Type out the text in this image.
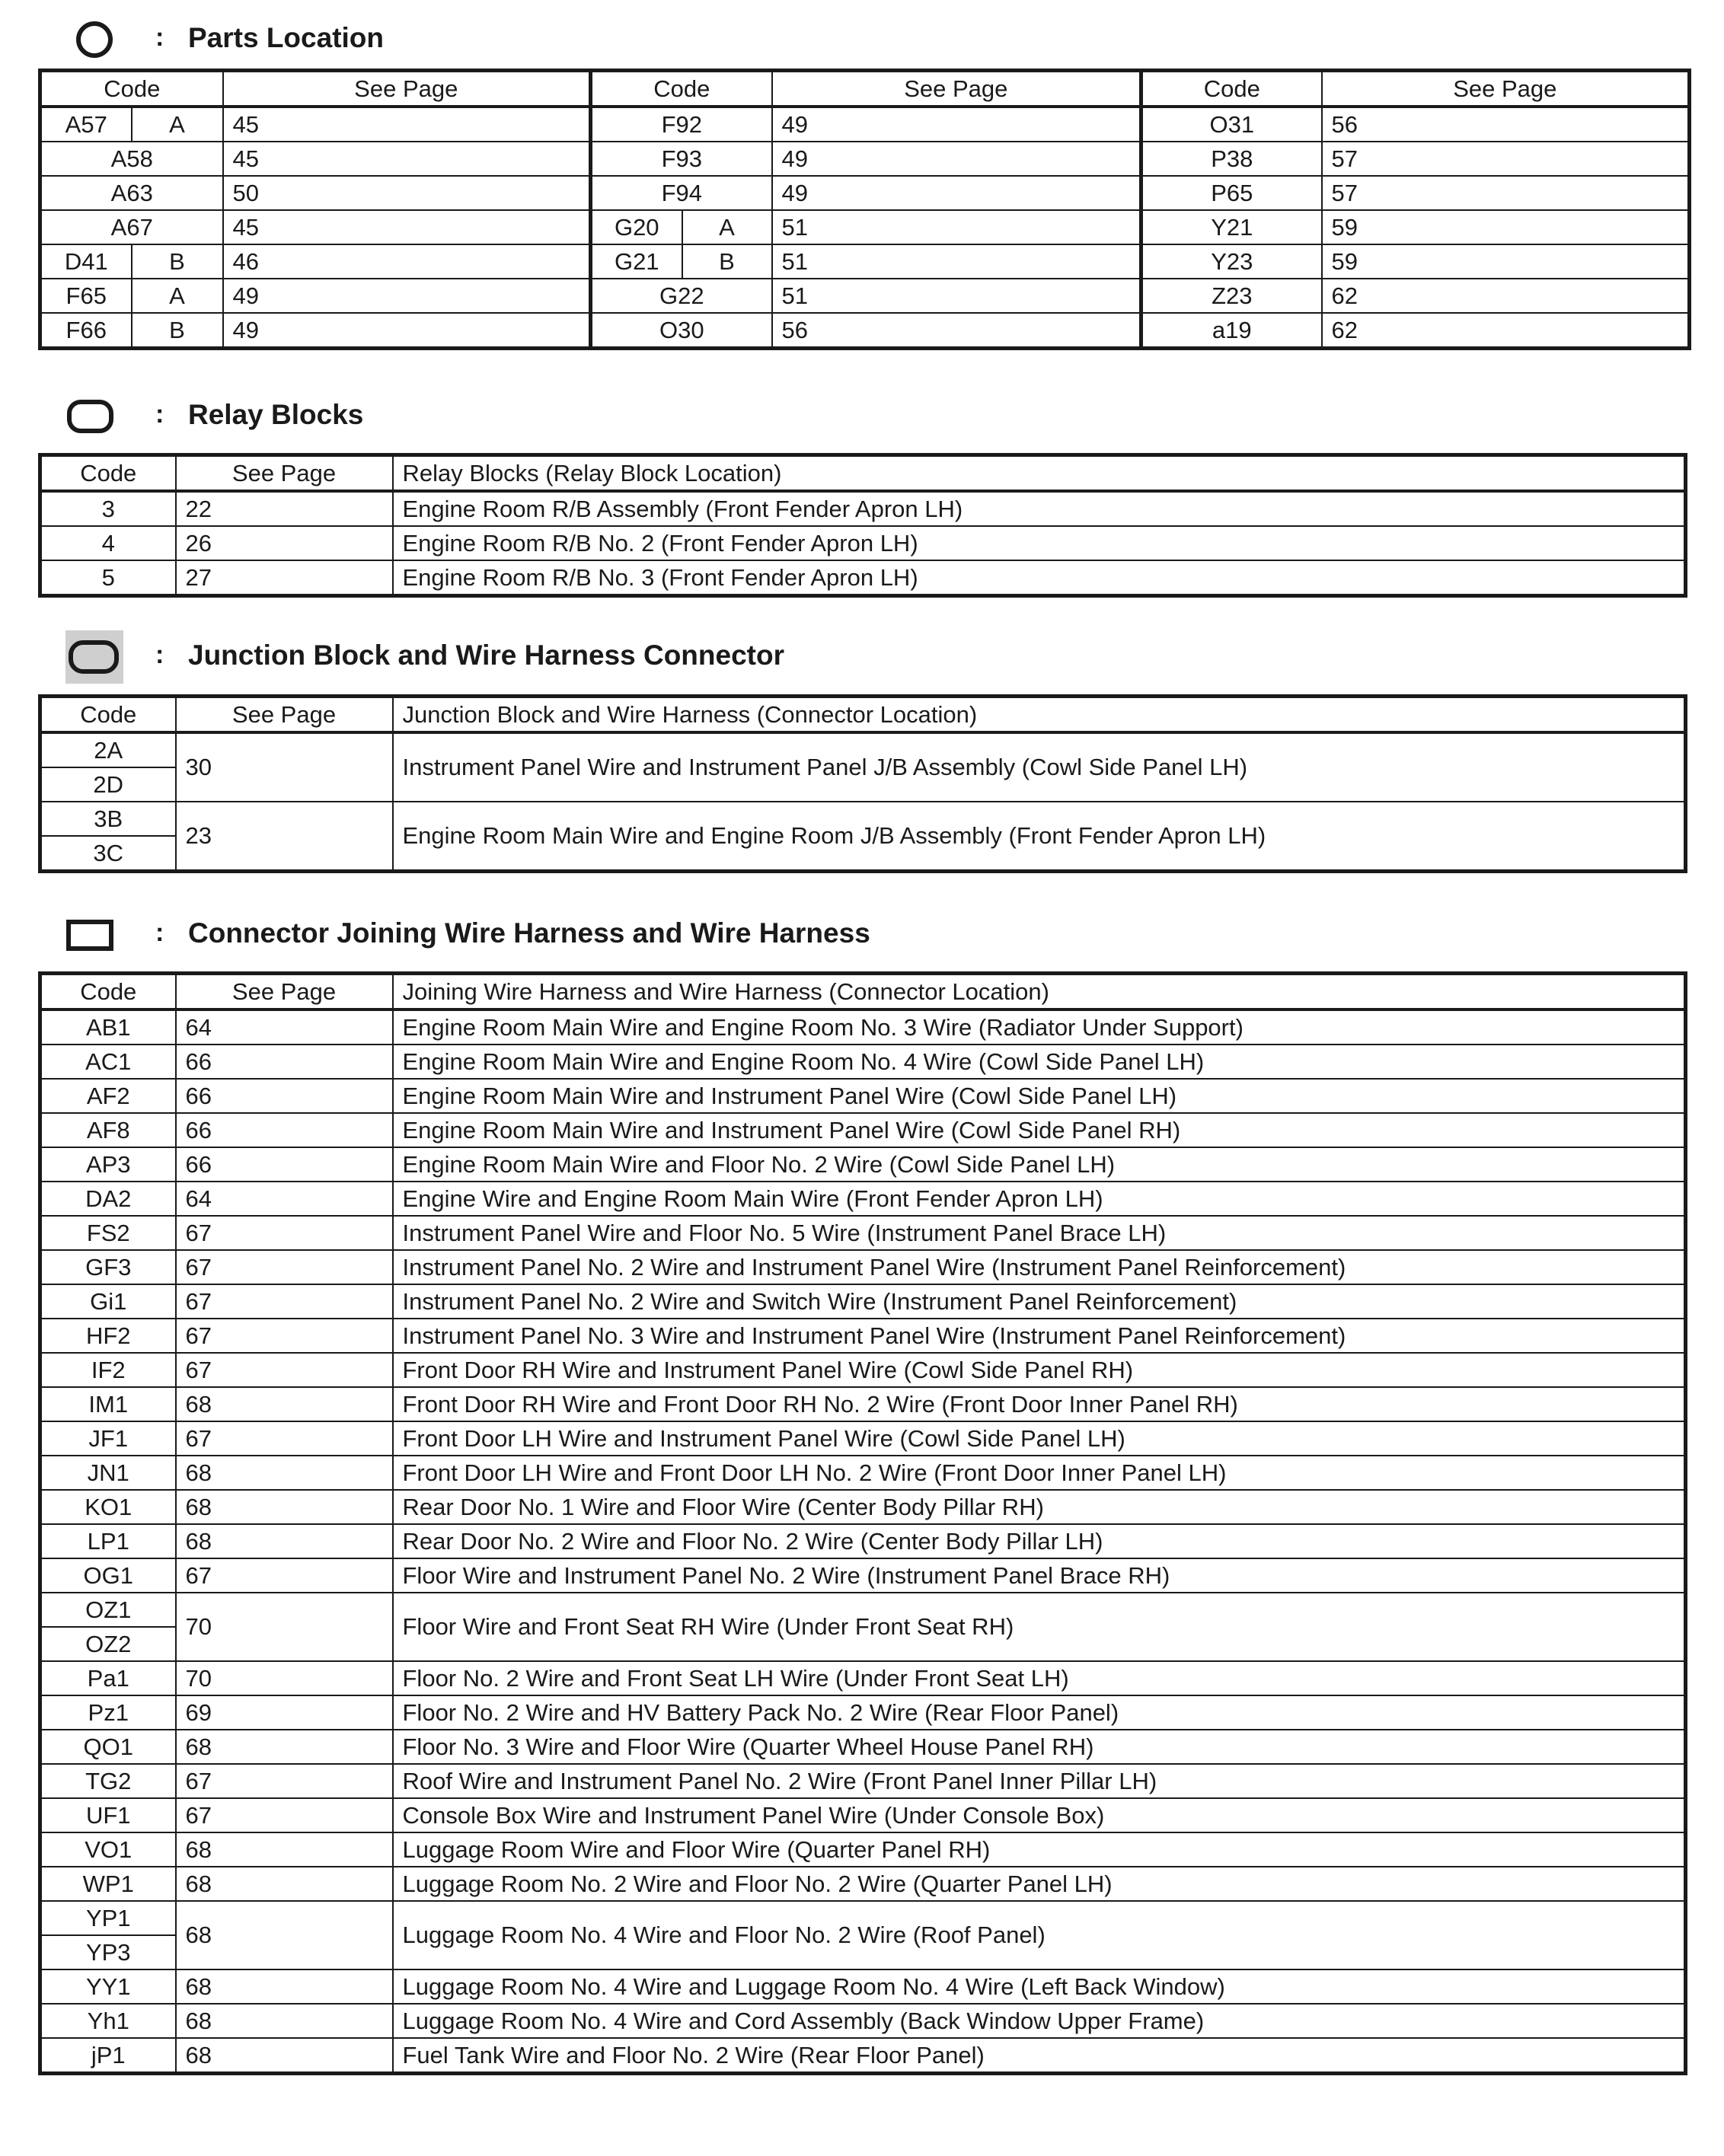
: Parts Location
Code		See Page	Code		See Page	Code	See Page
A57	A	45	F92		49	O31	56
A58		45	F93		49	P38	57
A63		50	F94		49	P65	57
A67		45	G20	A	51	Y21	59
D41	B	46	G21	B	51	Y23	59
F65	A	49	G22		51	Z23	62
F66	B	49	O30		56	a19	62
: Relay Blocks
Code	See Page	Relay Blocks (Relay Block Location)
3	22	Engine Room R/B Assembly (Front Fender Apron LH)
4	26	Engine Room R/B No. 2 (Front Fender Apron LH)
5	27	Engine Room R/B No. 3 (Front Fender Apron LH)
: Junction Block and Wire Harness Connector
Code	See Page	Junction Block and Wire Harness (Connector Location)
2A	30	Instrument Panel Wire and Instrument Panel J/B Assembly (Cowl Side Panel LH)
2D		
3B	23	Engine Room Main Wire and Engine Room J/B Assembly (Front Fender Apron LH)
3C		
: Connector Joining Wire Harness and Wire Harness
Code	See Page	Joining Wire Harness and Wire Harness (Connector Location)
AB1	64	Engine Room Main Wire and Engine Room No. 3 Wire (Radiator Under Support)
AC1	66	Engine Room Main Wire and Engine Room No. 4 Wire (Cowl Side Panel LH)
AF2	66	Engine Room Main Wire and Instrument Panel Wire (Cowl Side Panel LH)
AF8	66	Engine Room Main Wire and Instrument Panel Wire (Cowl Side Panel RH)
AP3	66	Engine Room Main Wire and Floor No. 2 Wire (Cowl Side Panel LH)
DA2	64	Engine Wire and Engine Room Main Wire (Front Fender Apron LH)
FS2	67	Instrument Panel Wire and Floor No. 5 Wire (Instrument Panel Brace LH)
GF3	67	Instrument Panel No. 2 Wire and Instrument Panel Wire (Instrument Panel Reinforcement)
Gi1	67	Instrument Panel No. 2 Wire and Switch Wire (Instrument Panel Reinforcement)
HF2	67	Instrument Panel No. 3 Wire and Instrument Panel Wire (Instrument Panel Reinforcement)
IF2	67	Front Door RH Wire and Instrument Panel Wire (Cowl Side Panel RH)
IM1	68	Front Door RH Wire and Front Door RH No. 2 Wire (Front Door Inner Panel RH)
JF1	67	Front Door LH Wire and Instrument Panel Wire (Cowl Side Panel LH)
JN1	68	Front Door LH Wire and Front Door LH No. 2 Wire (Front Door Inner Panel LH)
KO1	68	Rear Door No. 1 Wire and Floor Wire (Center Body Pillar RH)
LP1	68	Rear Door No. 2 Wire and Floor No. 2 Wire (Center Body Pillar LH)
OG1	67	Floor Wire and Instrument Panel No. 2 Wire (Instrument Panel Brace RH)
OZ1	70	Floor Wire and Front Seat RH Wire (Under Front Seat RH)
OZ2		
Pa1	70	Floor No. 2 Wire and Front Seat LH Wire (Under Front Seat LH)
Pz1	69	Floor No. 2 Wire and HV Battery Pack No. 2 Wire (Rear Floor Panel)
QO1	68	Floor No. 3 Wire and Floor Wire (Quarter Wheel House Panel RH)
TG2	67	Roof Wire and Instrument Panel No. 2 Wire (Front Panel Inner Pillar LH)
UF1	67	Console Box Wire and Instrument Panel Wire (Under Console Box)
VO1	68	Luggage Room Wire and Floor Wire (Quarter Panel RH)
WP1	68	Luggage Room No. 2 Wire and Floor No. 2 Wire (Quarter Panel LH)
YP1	68	Luggage Room No. 4 Wire and Floor No. 2 Wire (Roof Panel)
YP3		
YY1	68	Luggage Room No. 4 Wire and Luggage Room No. 4 Wire (Left Back Window)
Yh1	68	Luggage Room No. 4 Wire and Cord Assembly (Back Window Upper Frame)
jP1	68	Fuel Tank Wire and Floor No. 2 Wire (Rear Floor Panel)
